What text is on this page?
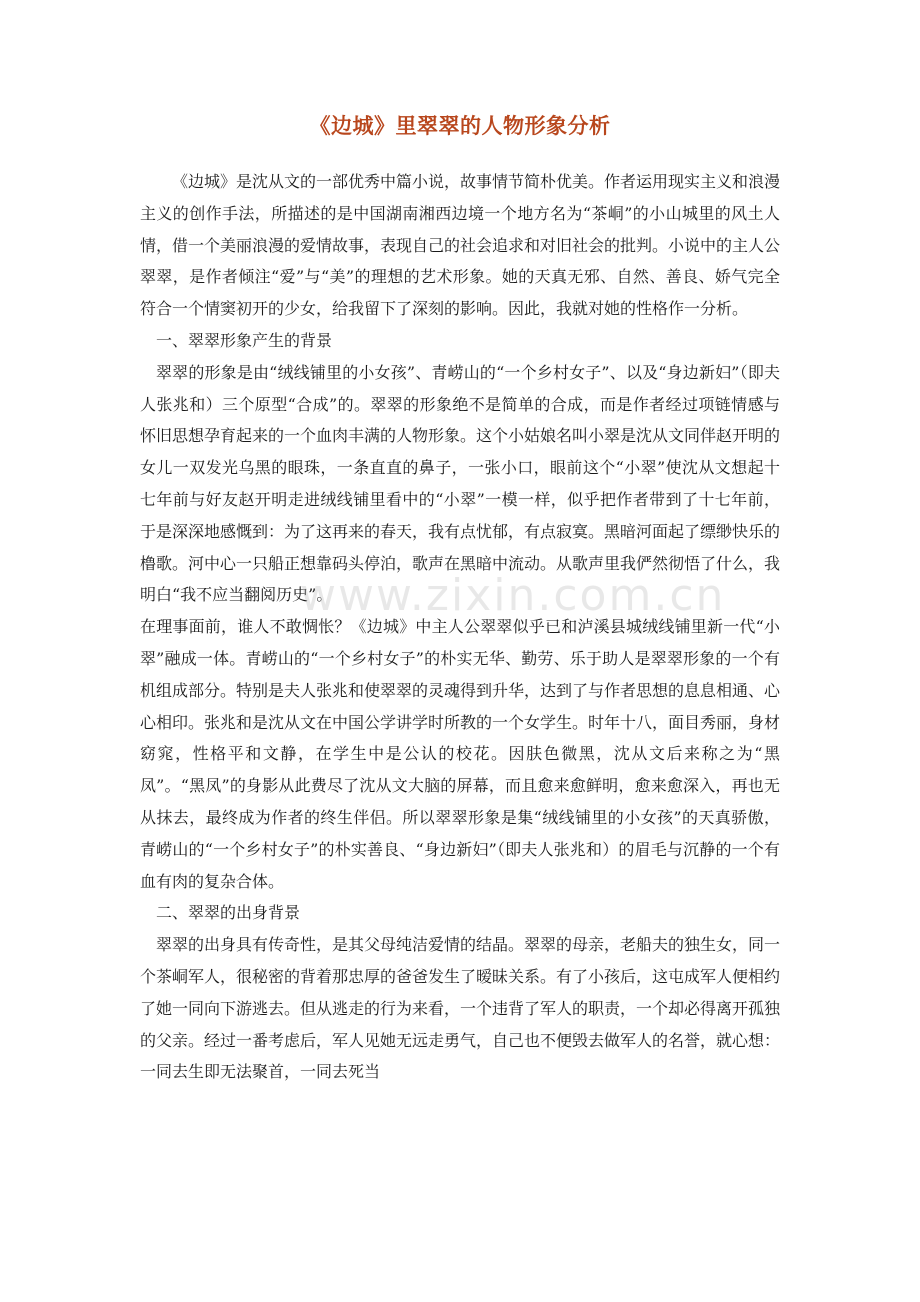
《边城》里翠翠的人物形象分析

《边城》是沈从文的一部优秀中篇小说，故事情节简朴优美。作者运用现实主义和浪漫主义的创作手法，所描述的是中国湖南湘西边境一个地方名为“茶峒”的小山城里的风土人情，借一个美丽浪漫的爱情故事，表现自己的社会追求和对旧社会的批判。小说中的主人公翠翠，是作者倾注“爱”与“美”的理想的艺术形象。她的天真无邪、自然、善良、娇气完全符合一个情窦初开的少女，给我留下了深刻的影响。因此，我就对她的性格作一分析。

一、翠翠形象产生的背景

翠翠的形象是由“绒线铺里的小女孩”、青崂山的“一个乡村女子”、以及“身边新妇”（即夫人张兆和）三个原型“合成”的。翠翠的形象绝不是简单的合成，而是作者经过项链情感与怀旧思想孕育起来的一个血肉丰满的人物形象。这个小姑娘名叫小翠是沈从文同伴赵开明的女儿一双发光乌黑的眼珠，一条直直的鼻子，一张小口，眼前这个“小翠”使沈从文想起十七年前与好友赵开明走进绒线铺里看中的“小翠”一模一样，似乎把作者带到了十七年前，于是深深地感慨到：为了这再来的春天，我有点忧郁，有点寂寞。黑暗河面起了缥缈快乐的橹歌。河中心一只船正想靠码头停泊，歌声在黑暗中流动。从歌声里我俨然彻悟了什么，我明白“我不应当翻阅历史”。

在理事面前，谁人不敢惆怅？《边城》中主人公翠翠似乎已和泸溪县城绒线铺里新一代“小翠”融成一体。青崂山的“一个乡村女子”的朴实无华、勤劳、乐于助人是翠翠形象的一个有机组成部分。特别是夫人张兆和使翠翠的灵魂得到升华，达到了与作者思想的息息相通、心心相印。张兆和是沈从文在中国公学讲学时所教的一个女学生。时年十八，面目秀丽，身材窈窕，性格平和文静，在学生中是公认的校花。因肤色微黑，沈从文后来称之为“黑凤”。“黑凤”的身影从此费尽了沈从文大脑的屏幕，而且愈来愈鲜明，愈来愈深入，再也无从抹去，最终成为作者的终生伴侣。所以翠翠形象是集“绒线铺里的小女孩”的天真骄傲，青崂山的“一个乡村女子”的朴实善良、“身边新妇”（即夫人张兆和）的眉毛与沉静的一个有血有肉的复杂合体。

二、翠翠的出身背景

翠翠的出身具有传奇性，是其父母纯洁爱情的结晶。翠翠的母亲，老船夫的独生女，同一个茶峒军人，很秘密的背着那忠厚的爸爸发生了暧昧关系。有了小孩后，这屯成军人便相约了她一同向下游逃去。但从逃走的行为来看，一个违背了军人的职责，一个却必得离开孤独的父亲。经过一番考虑后，军人见她无远走勇气，自己也不便毁去做军人的名誉，就心想：一同去生即无法聚首，一同去死当

www.zixin.com.cn
